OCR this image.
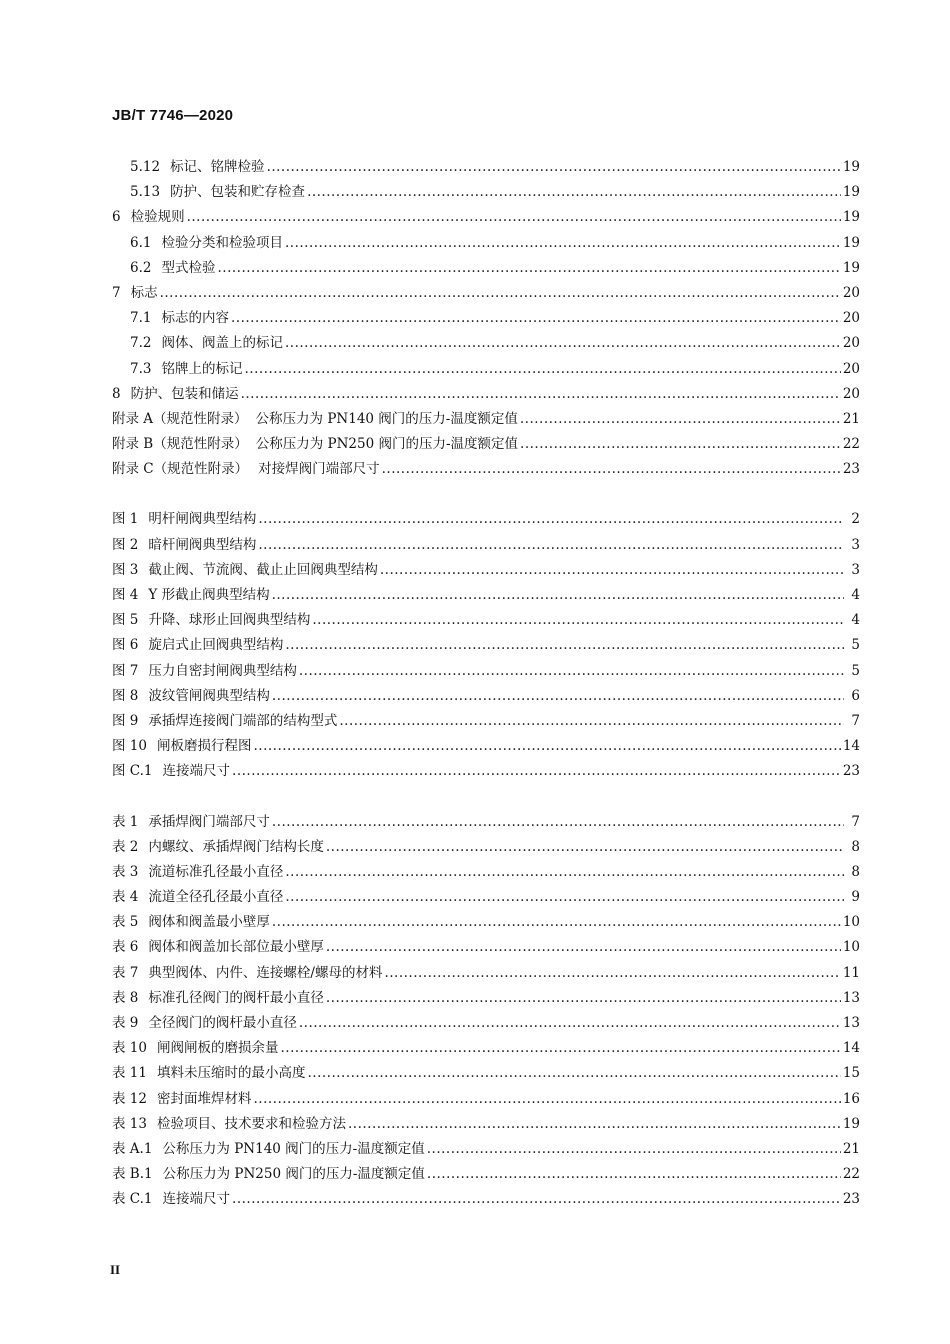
JB/T 7746—2020
5.12 标记、铭牌检验 .....	19
5.13 防护、包装和贮存检查 .....	19
6 检验规则 .....	19
6.1 检验分类和检验项目 .....	19
6.2 型式检验 .....	19
7 标志 .....	20
7.1 标志的内容 .....	20
7.2 阀体、阀盖上的标记 .....	20
7.3 铭牌上的标记 .....	20
8 防护、包装和储运 .....	20
附录 A（规范性附录） 公称压力为 PN140 阀门的压力-温度额定值 .....	21
附录 B（规范性附录） 公称压力为 PN250 阀门的压力-温度额定值 .....	22
附录 C（规范性附录） 对接焊阀门端部尺寸 .....	23
图 1 明杆闸阀典型结构 .....	2
图 2 暗杆闸阀典型结构 .....	3
图 3 截止阀、节流阀、截止止回阀典型结构 .....	3
图 4 Y 形截止阀典型结构 .....	4
图 5 升降、球形止回阀典型结构 .....	4
图 6 旋启式止回阀典型结构 .....	5
图 7 压力自密封闸阀典型结构 .....	5
图 8 波纹管闸阀典型结构 .....	6
图 9 承插焊连接阀门端部的结构型式 .....	7
图 10 闸板磨损行程图 .....	14
图 C.1 连接端尺寸 .....	23
表 1 承插焊阀门端部尺寸 .....	7
表 2 内螺纹、承插焊阀门结构长度 .....	8
表 3 流道标准孔径最小直径 .....	8
表 4 流道全径孔径最小直径 .....	9
表 5 阀体和阀盖最小壁厚 .....	10
表 6 阀体和阀盖加长部位最小壁厚 .....	10
表 7 典型阀体、内件、连接螺栓/螺母的材料 .....	11
表 8 标准孔径阀门的阀杆最小直径 .....	13
表 9 全径阀门的阀杆最小直径 .....	13
表 10 闸阀闸板的磨损余量 .....	14
表 11 填料未压缩时的最小高度 .....	15
表 12 密封面堆焊材料 .....	16
表 13 检验项目、技术要求和检验方法 .....	19
表 A.1 公称压力为 PN140 阀门的压力-温度额定值 .....	21
表 B.1 公称压力为 PN250 阀门的压力-温度额定值 .....	22
表 C.1 连接端尺寸 .....	23
II
